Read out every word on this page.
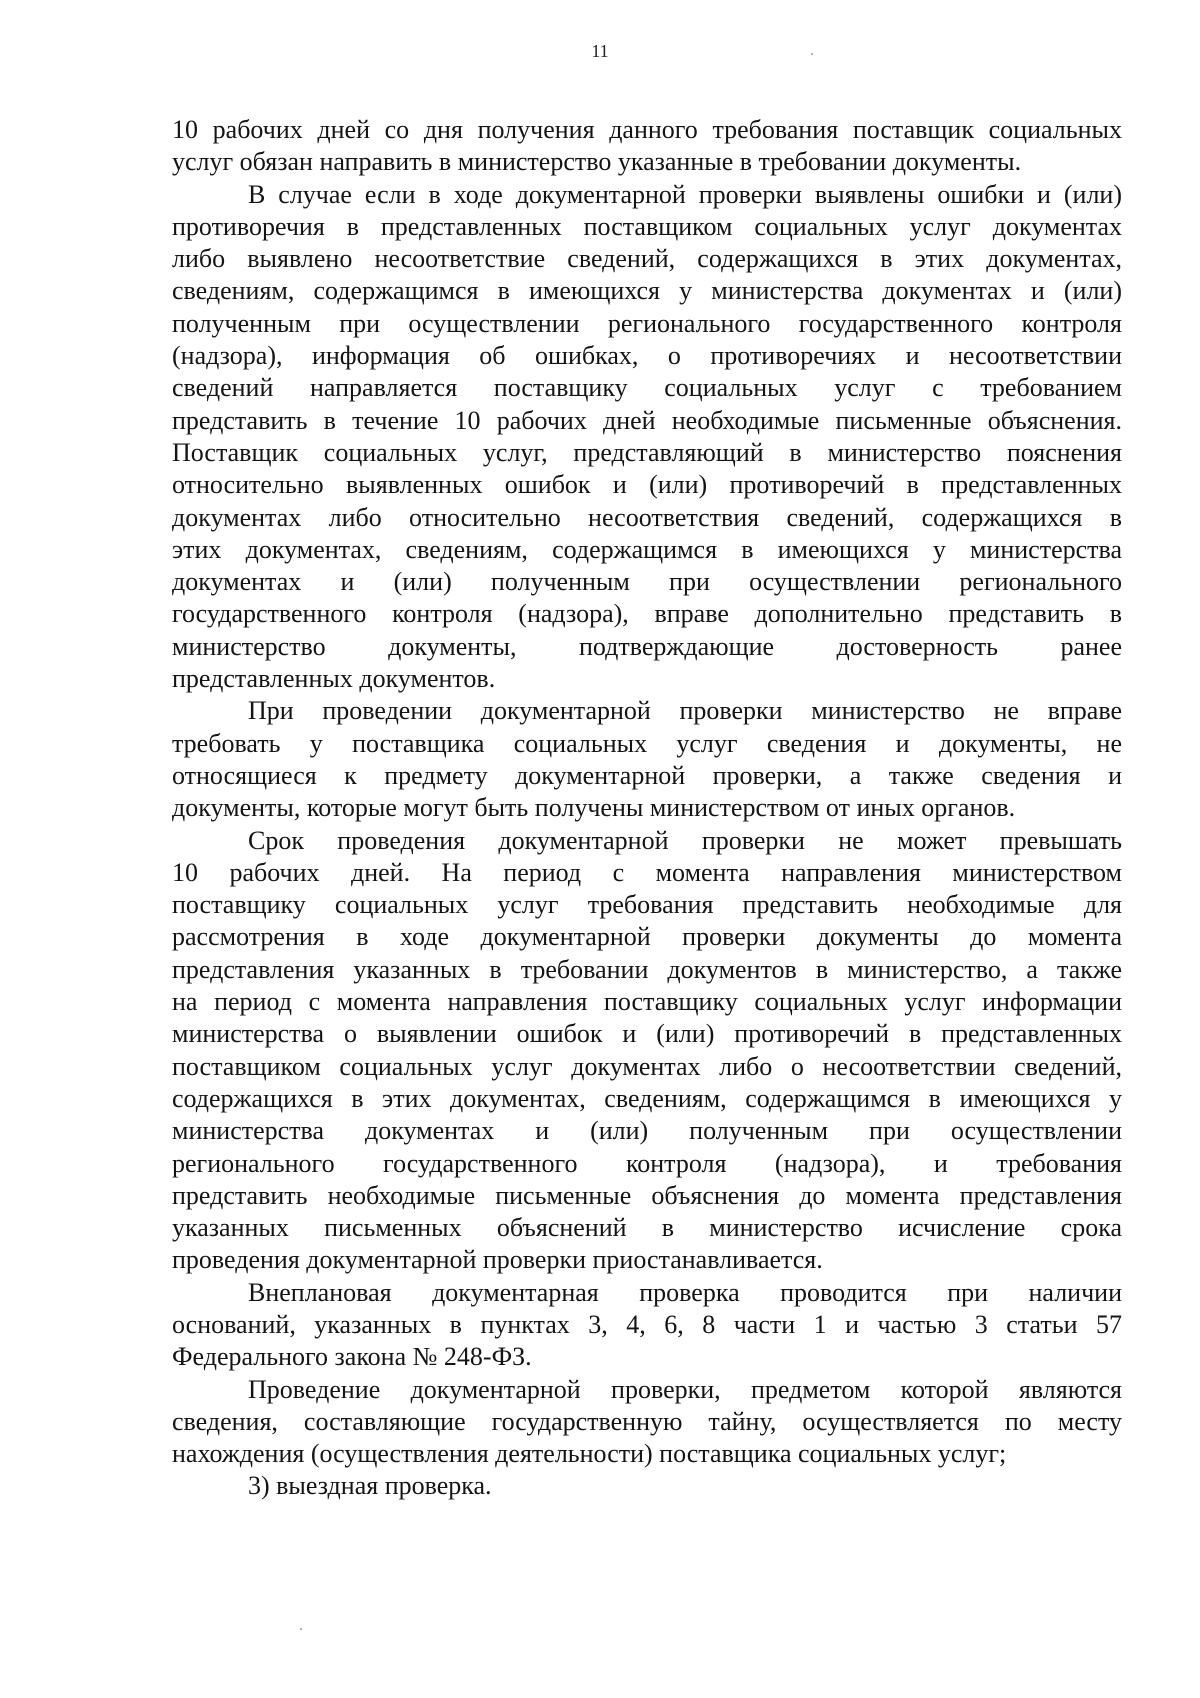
11
10 рабочих дней со дня получения данного требования поставщик социальных
услуг обязан направить в министерство указанные в требовании документы.
В случае если в ходе документарной проверки выявлены ошибки и (или)
противоречия в представленных поставщиком социальных услуг документах
либо выявлено несоответствие сведений, содержащихся в этих документах,
сведениям, содержащимся в имеющихся у министерства документах и (или)
полученным при осуществлении регионального государственного контроля
(надзора), информация об ошибках, о противоречиях и несоответствии
сведений направляется поставщику социальных услуг с требованием
представить в течение 10 рабочих дней необходимые письменные объяснения.
Поставщик социальных услуг, представляющий в министерство пояснения
относительно выявленных ошибок и (или) противоречий в представленных
документах либо относительно несоответствия сведений, содержащихся в
этих документах, сведениям, содержащимся в имеющихся у министерства
документах и (или) полученным при осуществлении регионального
государственного контроля (надзора), вправе дополнительно представить в
министерство документы, подтверждающие достоверность ранее
представленных документов.
При проведении документарной проверки министерство не вправе
требовать у поставщика социальных услуг сведения и документы, не
относящиеся к предмету документарной проверки, а также сведения и
документы, которые могут быть получены министерством от иных органов.
Срок проведения документарной проверки не может превышать
10 рабочих дней. На период с момента направления министерством
поставщику социальных услуг требования представить необходимые для
рассмотрения в ходе документарной проверки документы до момента
представления указанных в требовании документов в министерство, а также
на период с момента направления поставщику социальных услуг информации
министерства о выявлении ошибок и (или) противоречий в представленных
поставщиком социальных услуг документах либо о несоответствии сведений,
содержащихся в этих документах, сведениям, содержащимся в имеющихся у
министерства документах и (или) полученным при осуществлении
регионального государственного контроля (надзора), и требования
представить необходимые письменные объяснения до момента представления
указанных письменных объяснений в министерство исчисление срока
проведения документарной проверки приостанавливается.
Внеплановая документарная проверка проводится при наличии
оснований, указанных в пунктах 3, 4, 6, 8 части 1 и частью 3 статьи 57
Федерального закона № 248-ФЗ.
Проведение документарной проверки, предметом которой являются
сведения, составляющие государственную тайну, осуществляется по месту
нахождения (осуществления деятельности) поставщика социальных услуг;
3) выездная проверка.
